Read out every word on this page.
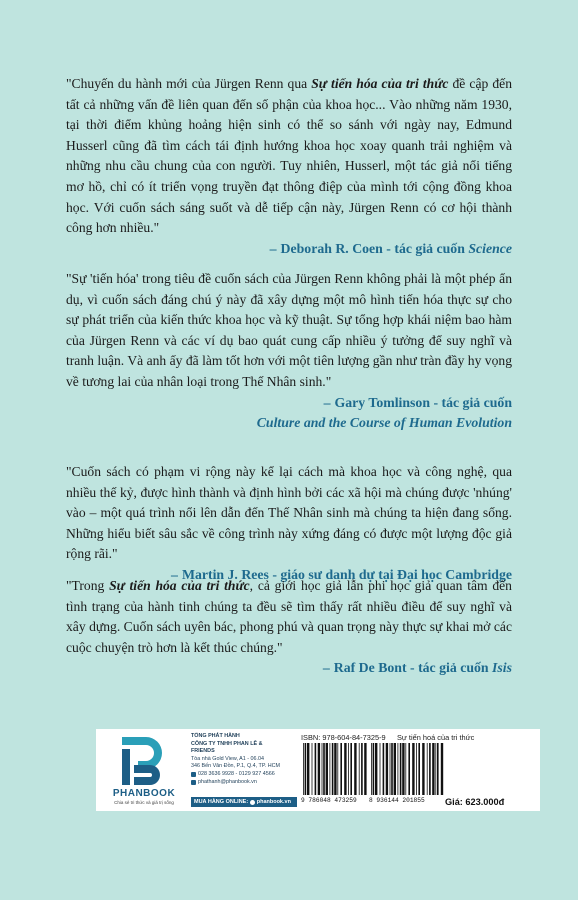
"Chuyến du hành mới của Jürgen Renn qua Sự tiến hóa của tri thức đề cập đến tất cả những vấn đề liên quan đến số phận của khoa học... Vào những năm 1930, tại thời điểm khủng hoảng hiện sinh có thể so sánh với ngày nay, Edmund Husserl cũng đã tìm cách tái định hướng khoa học xoay quanh trải nghiệm và những nhu cầu chung của con người. Tuy nhiên, Husserl, một tác giả nổi tiếng mơ hồ, chỉ có ít triển vọng truyền đạt thông điệp của mình tới cộng đồng khoa học. Với cuốn sách sáng suốt và dễ tiếp cận này, Jürgen Renn có cơ hội thành công hơn nhiều."

– Deborah R. Coen - tác giả cuốn Science

"Sự 'tiến hóa' trong tiêu đề cuốn sách của Jürgen Renn không phải là một phép ẩn dụ, vì cuốn sách đáng chú ý này đã xây dựng một mô hình tiến hóa thực sự cho sự phát triển của kiến thức khoa học và kỹ thuật. Sự tổng hợp khái niệm bao hàm của Jürgen Renn và các ví dụ bao quát cung cấp nhiều ý tưởng để suy nghĩ và tranh luận. Và anh ấy đã làm tốt hơn với một tiên lượng gần như tràn đầy hy vọng về tương lai của nhân loại trong Thế Nhân sinh."

– Gary Tomlinson - tác giả cuốn
Culture and the Course of Human Evolution

"Cuốn sách có phạm vi rộng này kể lại cách mà khoa học và công nghệ, qua nhiều thế kỷ, được hình thành và định hình bởi các xã hội mà chúng được 'nhúng' vào – một quá trình nổi lên dẫn đến Thế Nhân sinh mà chúng ta hiện đang sống. Những hiểu biết sâu sắc về công trình này xứng đáng có được một lượng độc giả rộng rãi."

– Martin J. Rees - giáo sư danh dự tại Đại học Cambridge

"Trong Sự tiến hóa của tri thức, cả giới học giả lẫn phi học giả quan tâm đến tình trạng của hành tinh chúng ta đều sẽ tìm thấy rất nhiều điều để suy nghĩ và xây dựng. Cuốn sách uyên bác, phong phú và quan trọng này thực sự khai mở các cuộc chuyện trò hơn là kết thúc chúng."

– Raf De Bont - tác giả cuốn Isis
PHANBOOK
Chia sẻ tri thức và giá trị sống
TỔNG PHÁT HÀNH
CÔNG TY TNHH PHAN LÊ & FRIENDS
Tòa nhà Gold View, A1 - 06.04
346 Bến Vân Đồn, P.1, Q.4, TP. HCM
028 3636 9928 - 0129 927 4566
phathanh@phanbook.vn
MUA HÀNG ONLINE:
phanbook.vn
ISBN: 978-604-84-7325-9 Sự tiến hoá của tri thức
9 786048 473259 8 936144 201855 Giá: 623.000đ
